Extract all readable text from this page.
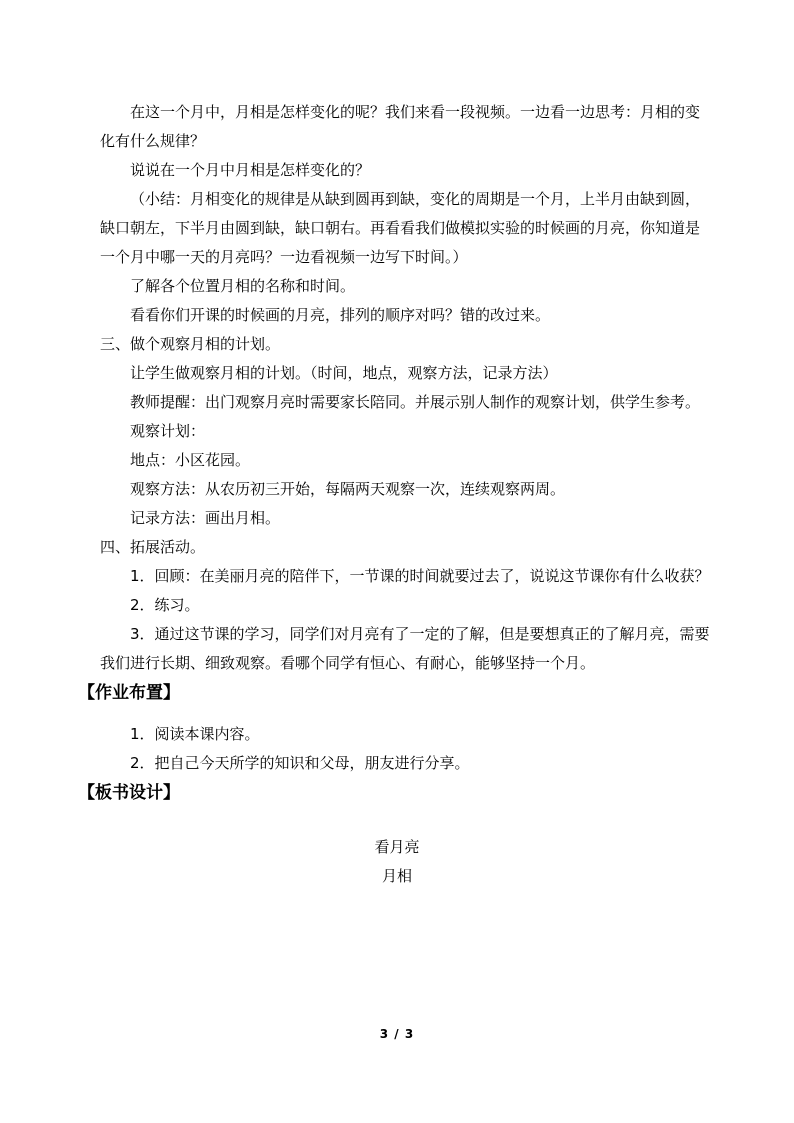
在这一个月中，月相是怎样变化的呢？我们来看一段视频。一边看一边思考：月相的变

化有什么规律？

说说在一个月中月相是怎样变化的？

（小结：月相变化的规律是从缺到圆再到缺，变化的周期是一个月，上半月由缺到圆，

缺口朝左，下半月由圆到缺，缺口朝右。再看看我们做模拟实验的时候画的月亮，你知道是

一个月中哪一天的月亮吗？一边看视频一边写下时间。）

了解各个位置月相的名称和时间。

看看你们开课的时候画的月亮，排列的顺序对吗？错的改过来。

三、做个观察月相的计划。

让学生做观察月相的计划。（时间，地点，观察方法，记录方法）

教师提醒：出门观察月亮时需要家长陪同。并展示别人制作的观察计划，供学生参考。

观察计划：

地点：小区花园。

观察方法：从农历初三开始，每隔两天观察一次，连续观察两周。

记录方法：画出月相。

四、拓展活动。

1．回顾：在美丽月亮的陪伴下，一节课的时间就要过去了，说说这节课你有什么收获？

2．练习。

3．通过这节课的学习，同学们对月亮有了一定的了解，但是要想真正的了解月亮，需要

我们进行长期、细致观察。看哪个同学有恒心、有耐心，能够坚持一个月。

【作业布置】

1．阅读本课内容。

2．把自己今天所学的知识和父母，朋友进行分享。

【板书设计】

看月亮
月相
3 / 3
